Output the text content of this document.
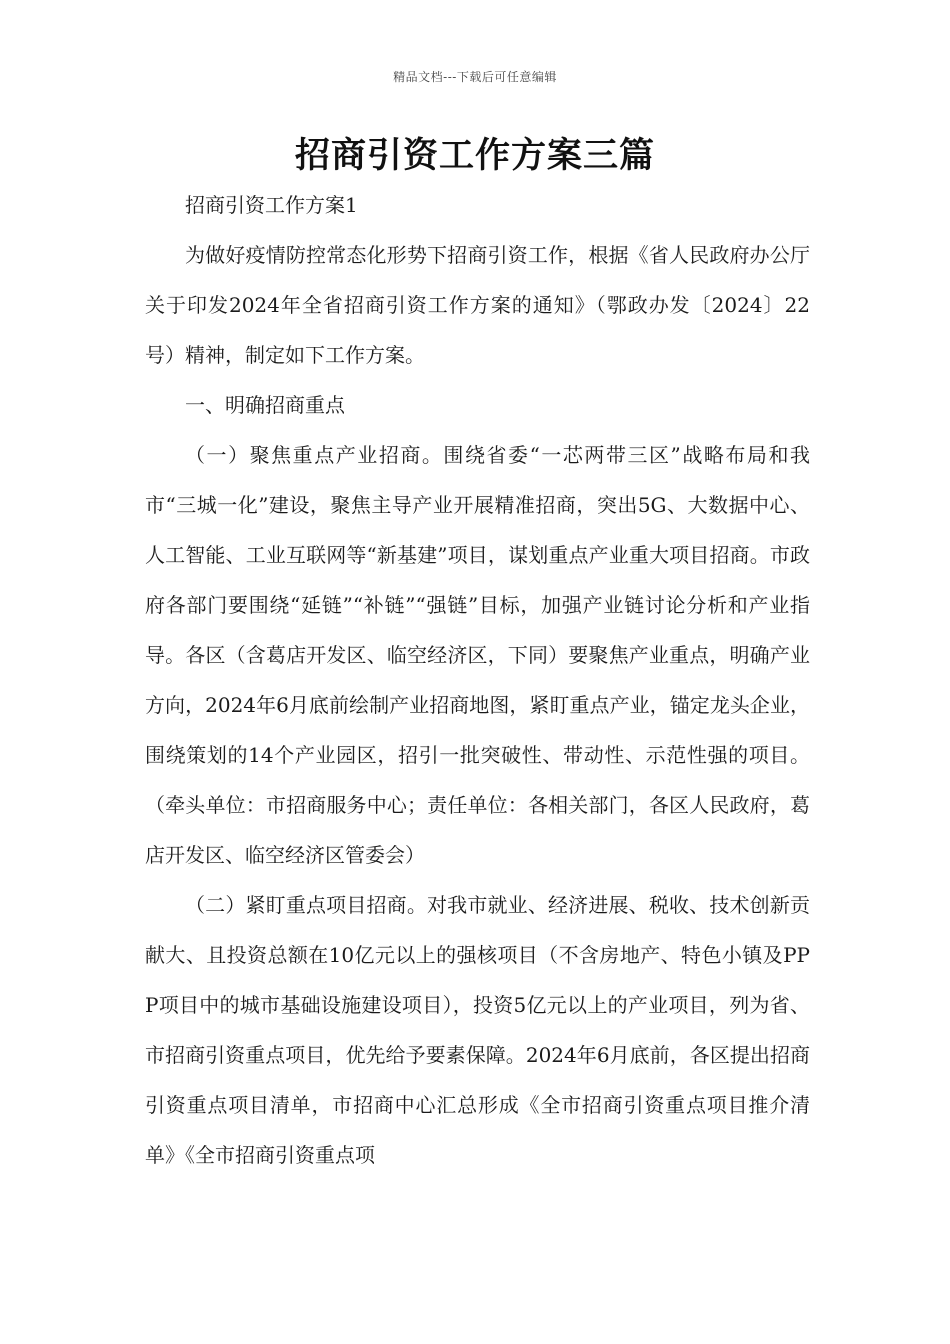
精品文档---下载后可任意编辑
招商引资工作方案三篇

招商引资工作方案1

为做好疫情防控常态化形势下招商引资工作，根据《省人民政府办公厅关于印发2024年全省招商引资工作方案的通知》（鄂政办发〔2024〕22号）精神，制定如下工作方案。

一、明确招商重点

（一）聚焦重点产业招商。围绕省委“一芯两带三区”战略布局和我市“三城一化”建设，聚焦主导产业开展精准招商，突出5G、大数据中心、人工智能、工业互联网等“新基建”项目，谋划重点产业重大项目招商。市政府各部门要围绕“延链”“补链”“强链”目标，加强产业链讨论分析和产业指导。各区（含葛店开发区、临空经济区，下同）要聚焦产业重点，明确产业方向，2024年6月底前绘制产业招商地图，紧盯重点产业，锚定龙头企业，围绕策划的14个产业园区，招引一批突破性、带动性、示范性强的项目。（牵头单位：市招商服务中心；责任单位：各相关部门，各区人民政府，葛店开发区、临空经济区管委会）

（二）紧盯重点项目招商。对我市就业、经济进展、税收、技术创新贡献大、且投资总额在10亿元以上的强核项目（不含房地产、特色小镇及PPP项目中的城市基础设施建设项目），投资5亿元以上的产业项目，列为省、市招商引资重点项目，优先给予要素保障。2024年6月底前，各区提出招商引资重点项目清单，市招商中心汇总形成《全市招商引资重点项目推介清单》《全市招商引资重点项
